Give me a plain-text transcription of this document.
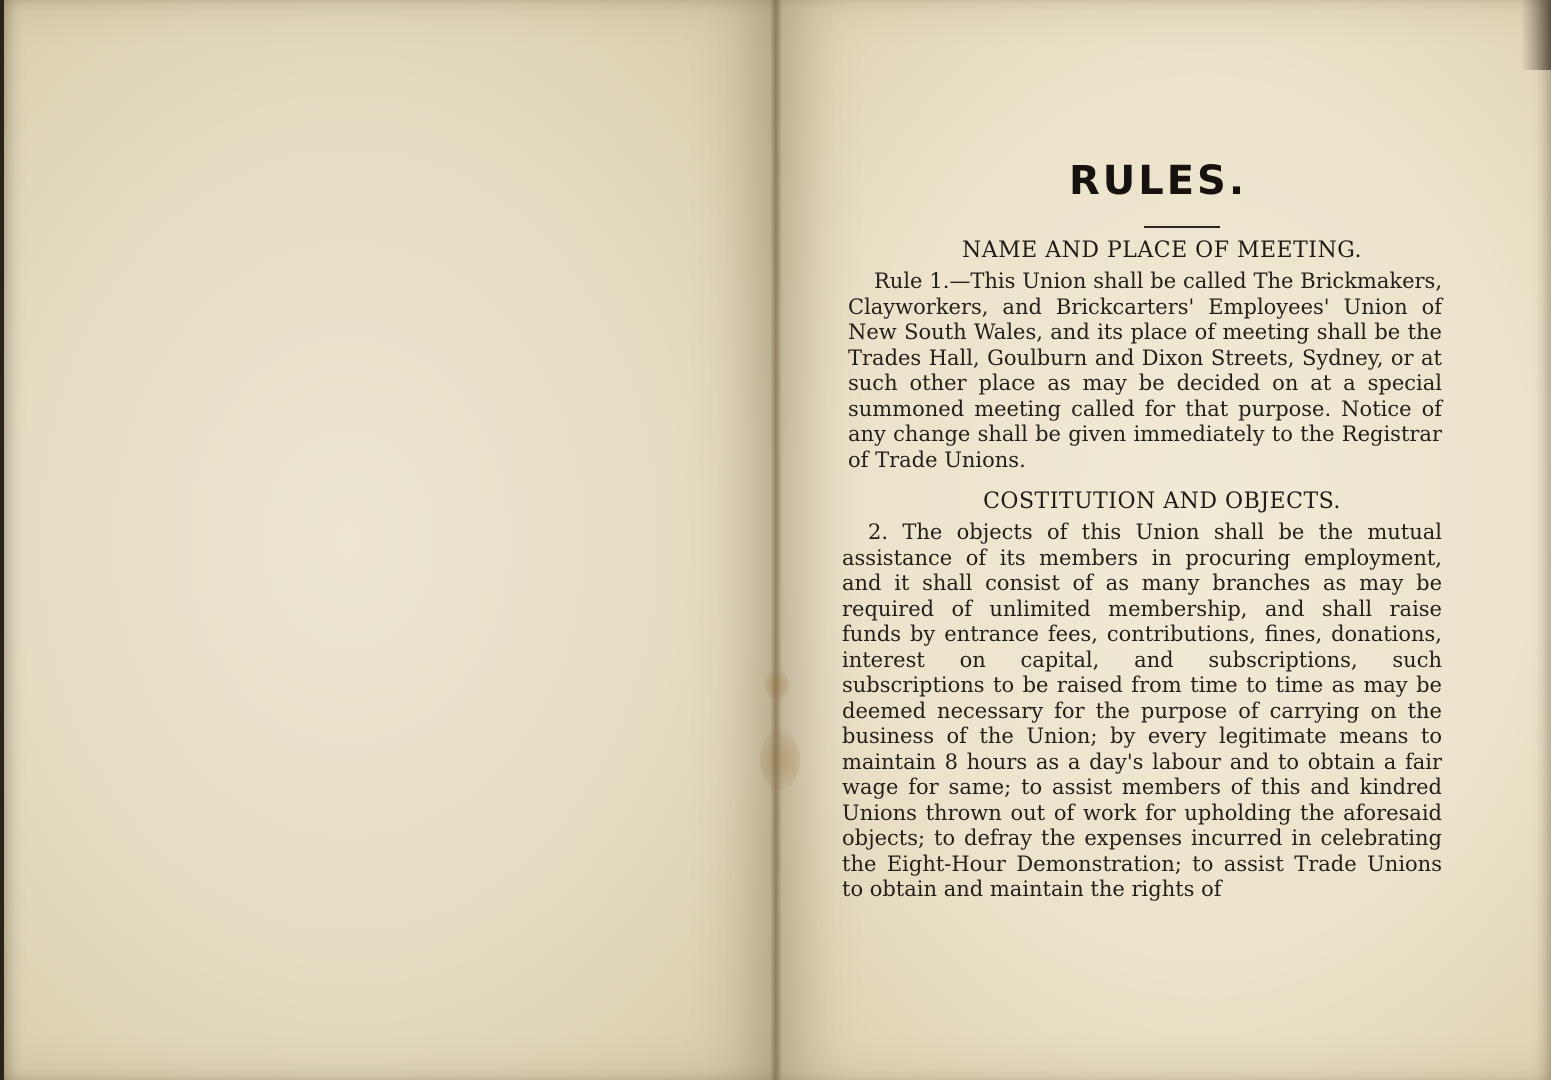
RULES.
NAME AND PLACE OF MEETING.

Rule 1.—This Union shall be called The Brickmakers, Clayworkers, and Brickcarters' Employees' Union of New South Wales, and its place of meeting shall be the Trades Hall, Goulburn and Dixon Streets, Sydney, or at such other place as may be decided on at a special summoned meeting called for that purpose. Notice of any change shall be given immediately to the Registrar of Trade Unions.

COSTITUTION AND OBJECTS.

2. The objects of this Union shall be the mutual assistance of its members in procuring employment, and it shall consist of as many branches as may be required of unlimited membership, and shall raise funds by entrance fees, contributions, fines, donations, interest on capital, and subscriptions, such subscriptions to be raised from time to time as may be deemed necessary for the purpose of carrying on the business of the Union; by every legitimate means to maintain 8 hours as a day's labour and to obtain a fair wage for same; to assist members of this and kindred Unions thrown out of work for upholding the aforesaid objects; to defray the expenses incurred in celebrating the Eight-Hour Demonstration; to assist Trade Unions to obtain and maintain the rights of
